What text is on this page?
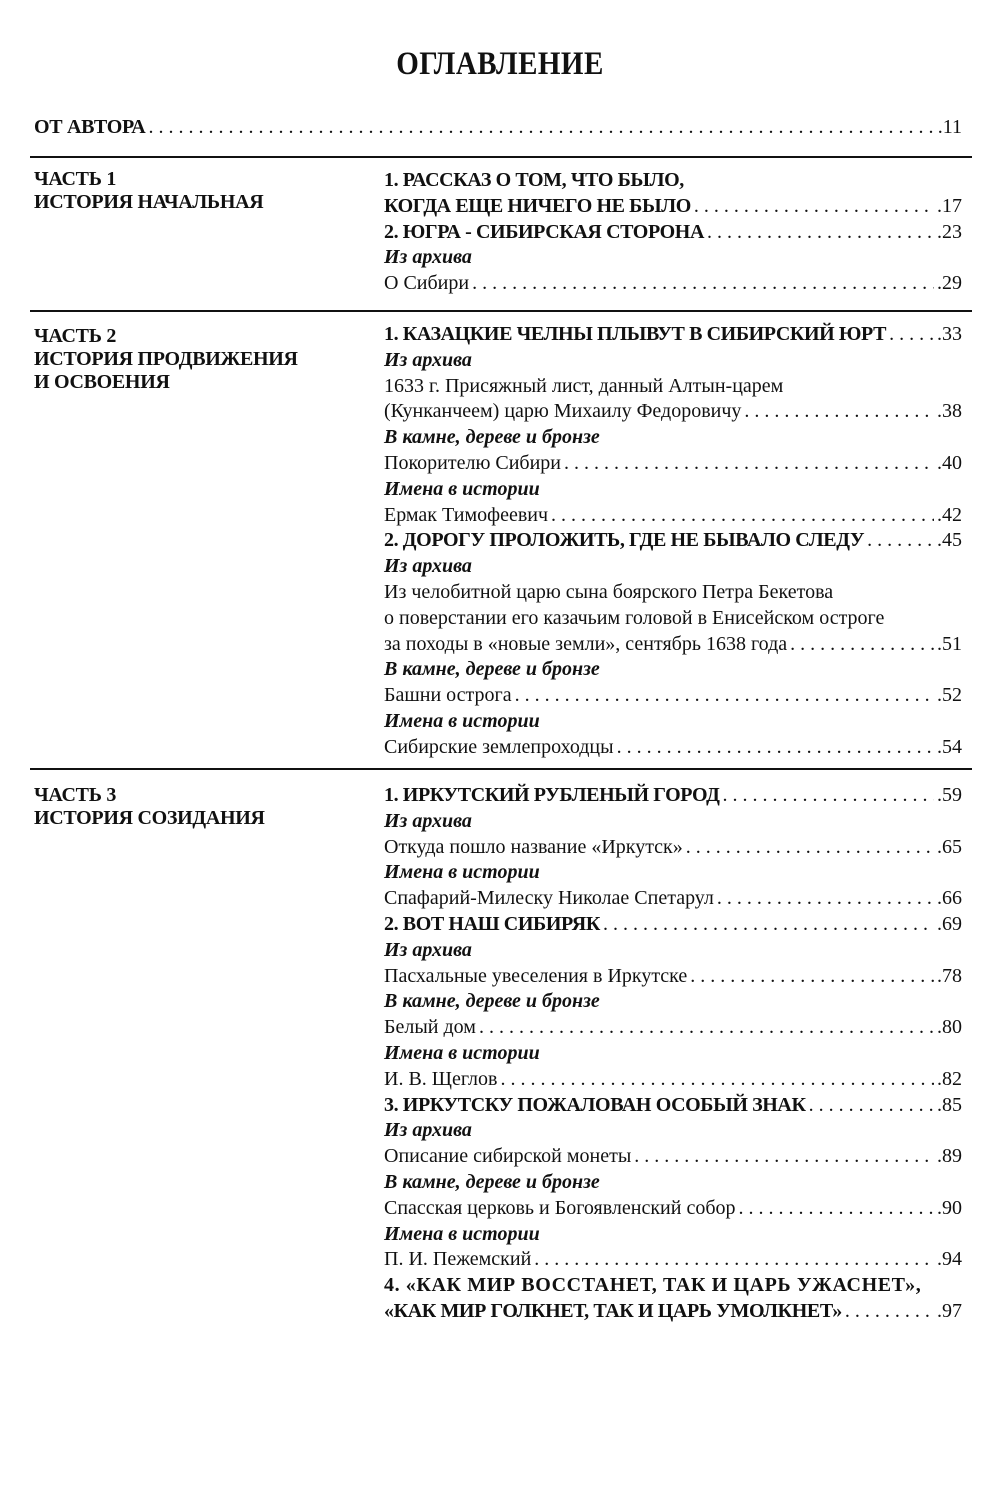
ОГЛАВЛЕНИЕ
ОТ АВТОРА . . .	.11
ЧАСТЬ 1
ИСТОРИЯ НАЧАЛЬНАЯ
1. РАССКАЗ О ТОМ, ЧТО БЫЛО,
КОГДА ЕЩЕ НИЧЕГО НЕ БЫЛО . . .	.17
2. ЮГРА - СИБИРСКАЯ СТОРОНА . . .	.23
Из архива
О Сибири . . .	.29
ЧАСТЬ 2
ИСТОРИЯ ПРОДВИЖЕНИЯ
И ОСВОЕНИЯ
1. КАЗАЦКИЕ ЧЕЛНЫ ПЛЫВУТ В СИБИРСКИЙ ЮРТ . . .	.33
Из архива
1633 г. Присяжный лист, данный Алтын-царем
(Кунканчеем) царю Михаилу Федоровичу . . .	.38
В камне, дереве и бронзе
Покорителю Сибири . . .	.40
Имена в истории
Ермак Тимофеевич . . .	.42
2. ДОРОГУ ПРОЛОЖИТЬ, ГДЕ НЕ БЫВАЛО СЛЕДУ . . .	.45
Из архива
Из челобитной царю сына боярского Петра Бекетова
о поверстании его казачьим головой в Енисейском остроге
за походы в «новые земли», сентябрь 1638 года . . .	.51
В камне, дереве и бронзе
Башни острога . . .	.52
Имена в истории
Сибирские землепроходцы . . .	.54
ЧАСТЬ 3
ИСТОРИЯ СОЗИДАНИЯ
1. ИРКУТСКИЙ РУБЛЕНЫЙ ГОРОД . . .	.59
Из архива
Откуда пошло название «Иркутск» . . .	.65
Имена в истории
Спафарий-Милеску Николае Спетарул . . .	.66
2. ВОТ НАШ СИБИРЯК . . .	.69
Из архива
Пасхальные увеселения в Иркутске . . .	.78
В камне, дереве и бронзе
Белый дом . . .	.80
Имена в истории
И. В. Щеглов . . .	.82
3. ИРКУТСКУ ПОЖАЛОВАН ОСОБЫЙ ЗНАК . . .	.85
Из архива
Описание сибирской монеты . . .	.89
В камне, дереве и бронзе
Спасская церковь и Богоявленский собор . . .	.90
Имена в истории
П. И. Пежемский . . .	.94
4. «КАК МИР ВОССТАНЕТ, ТАК И ЦАРЬ УЖАСНЕТ»,
«КАК МИР ГОЛКНЕТ, ТАК И ЦАРЬ УМОЛКНЕТ» . . .	.97
